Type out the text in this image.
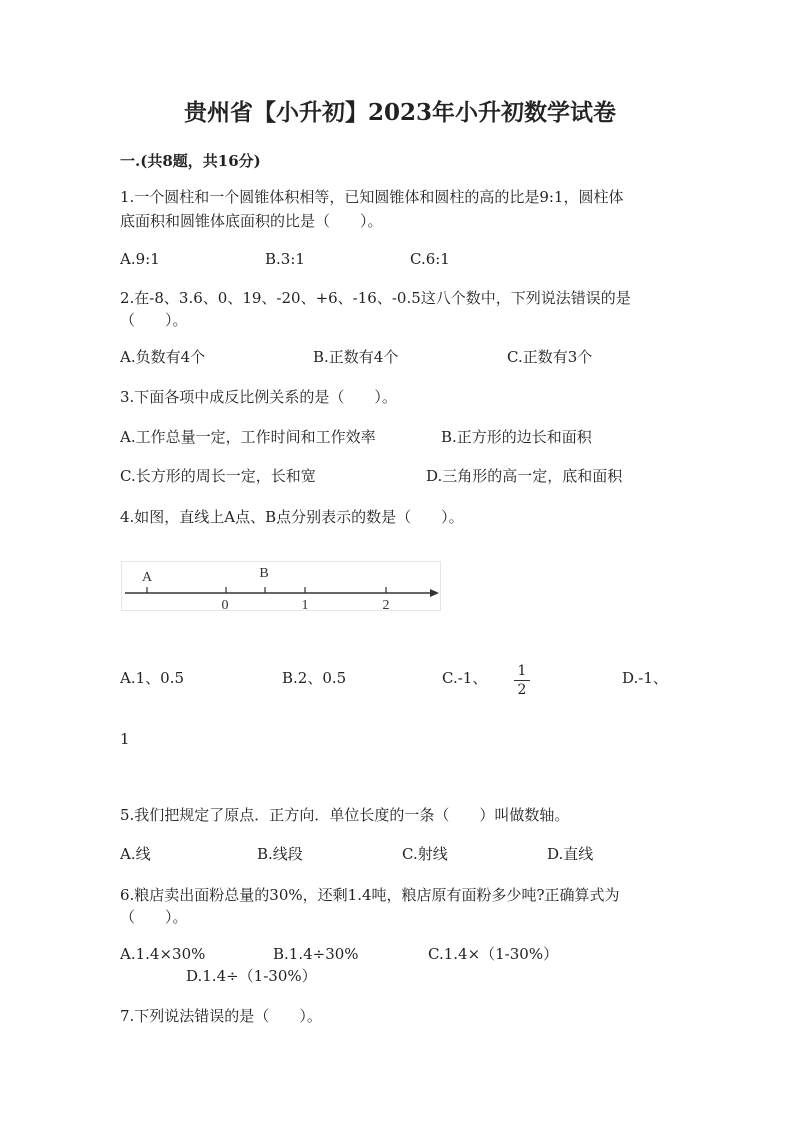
贵州省【小升初】2023年小升初数学试卷
一.(共8题，共16分)
1.一个圆柱和一个圆锥体积相等，已知圆锥体和圆柱的高的比是9:1，圆柱体
底面积和圆锥体底面积的比是（　　）。
A.9:1	B.3:1	C.6:1
2.在-8、3.6、0、19、-20、+6、-16、-0.5这八个数中，下列说法错误的是
（　　）。
A.负数有4个	B.正数有4个	C.正数有3个
3.下面各项中成反比例关系的是（　　）。
A.工作总量一定，工作时间和工作效率	B.正方形的边长和面积
C.长方形的周长一定，长和宽	D.三角形的高一定，底和面积
4.如图，直线上A点、B点分别表示的数是（　　）。
A	B
0	1	2
A.1、0.5	B.2、0.5	C.-1、	1
2
D.-1、
1
5.我们把规定了原点．正方向．单位长度的一条（　　）叫做数轴。
A.线	B.线段	C.射线	D.直线
6.粮店卖出面粉总量的30%，还剩1.4吨，粮店原有面粉多少吨?正确算式为
（　　）。
A.1.4×30%	B.1.4÷30%	C.1.4×（1-30%）
D.1.4÷（1-30%）
7.下列说法错误的是（　　）。
